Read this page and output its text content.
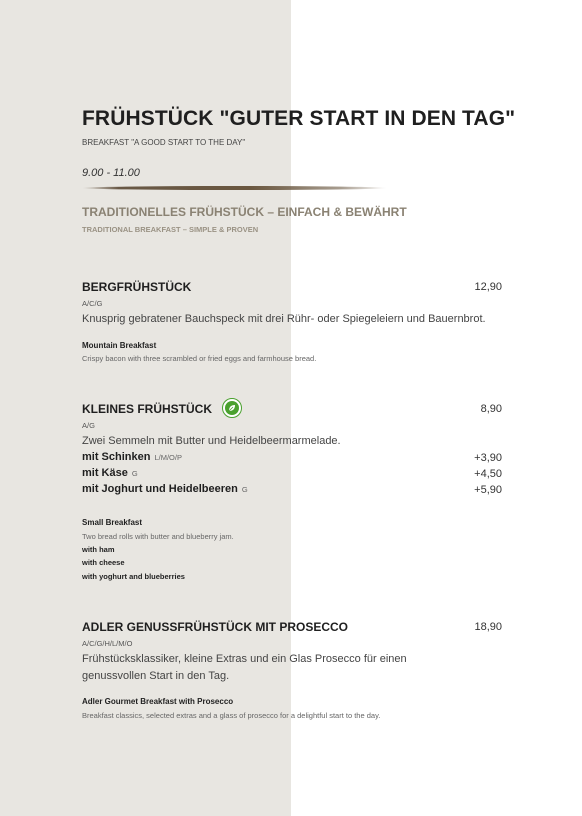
FRÜHSTÜCK "GUTER START IN DEN TAG"
BREAKFAST "A GOOD START TO THE DAY"
9.00 - 11.00
TRADITIONELLES FRÜHSTÜCK – EINFACH & BEWÄHRT
TRADITIONAL BREAKFAST – SIMPLE & PROVEN
BERGFRÜHSTÜCK	12,90
A/C/G
Knusprig gebratener Bauchspeck mit drei Rühr- oder Spiegeleiern und Bauernbrot.
Mountain Breakfast
Crispy bacon with three scrambled or fried eggs and farmhouse bread.
KLEINES FRÜHSTÜCK	8,90
A/G
Zwei Semmeln mit Butter und Heidelbeermarmelade.
mit Schinken L/M/O/P	+3,90
mit Käse G	+4,50
mit Joghurt und Heidelbeeren G	+5,90
Small Breakfast
Two bread rolls with butter and blueberry jam.
with ham
with cheese
with yoghurt and blueberries
ADLER GENUSSFRÜHSTÜCK MIT PROSECCO	18,90
A/C/G/H/L/M/O
Frühstücksklassiker, kleine Extras und ein Glas Prosecco für einen genussvollen Start in den Tag.
Adler Gourmet Breakfast with Prosecco
Breakfast classics, selected extras and a glass of prosecco for a delightful start to the day.
